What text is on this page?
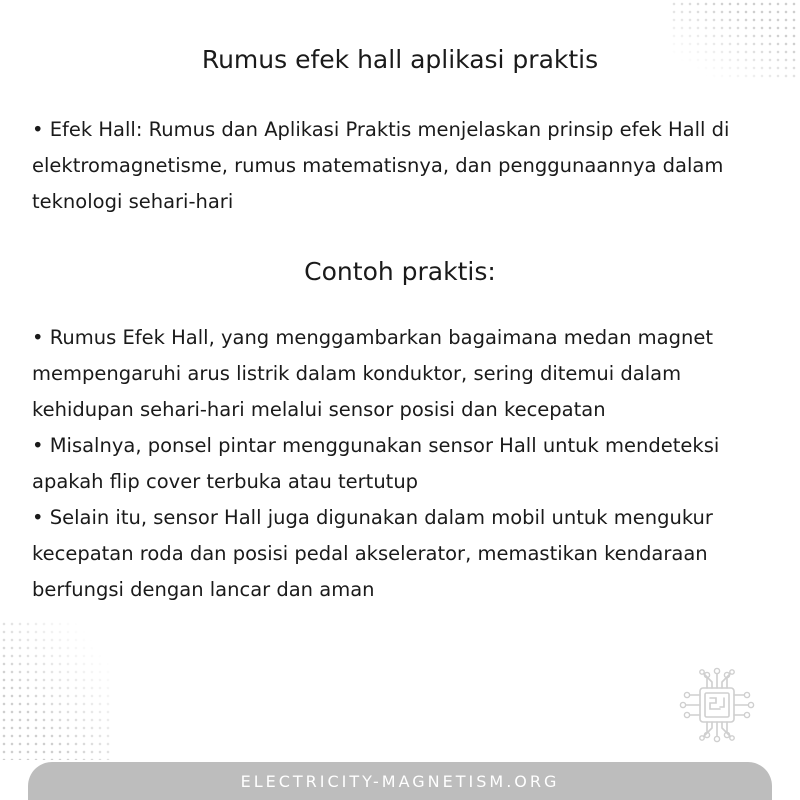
Rumus efek hall aplikasi praktis

• Efek Hall: Rumus dan Aplikasi Praktis menjelaskan prinsip efek Hall di elektromagnetisme, rumus matematisnya, dan penggunaannya dalam teknologi sehari-hari

Contoh praktis:

• Rumus Efek Hall, yang menggambarkan bagaimana medan magnet mempengaruhi arus listrik dalam konduktor, sering ditemui dalam kehidupan sehari-hari melalui sensor posisi dan kecepatan

• Misalnya, ponsel pintar menggunakan sensor Hall untuk mendeteksi apakah flip cover terbuka atau tertutup

• Selain itu, sensor Hall juga digunakan dalam mobil untuk mengukur kecepatan roda dan posisi pedal akselerator, memastikan kendaraan berfungsi dengan lancar dan aman

ELECTRICITY-MAGNETISM.ORG
